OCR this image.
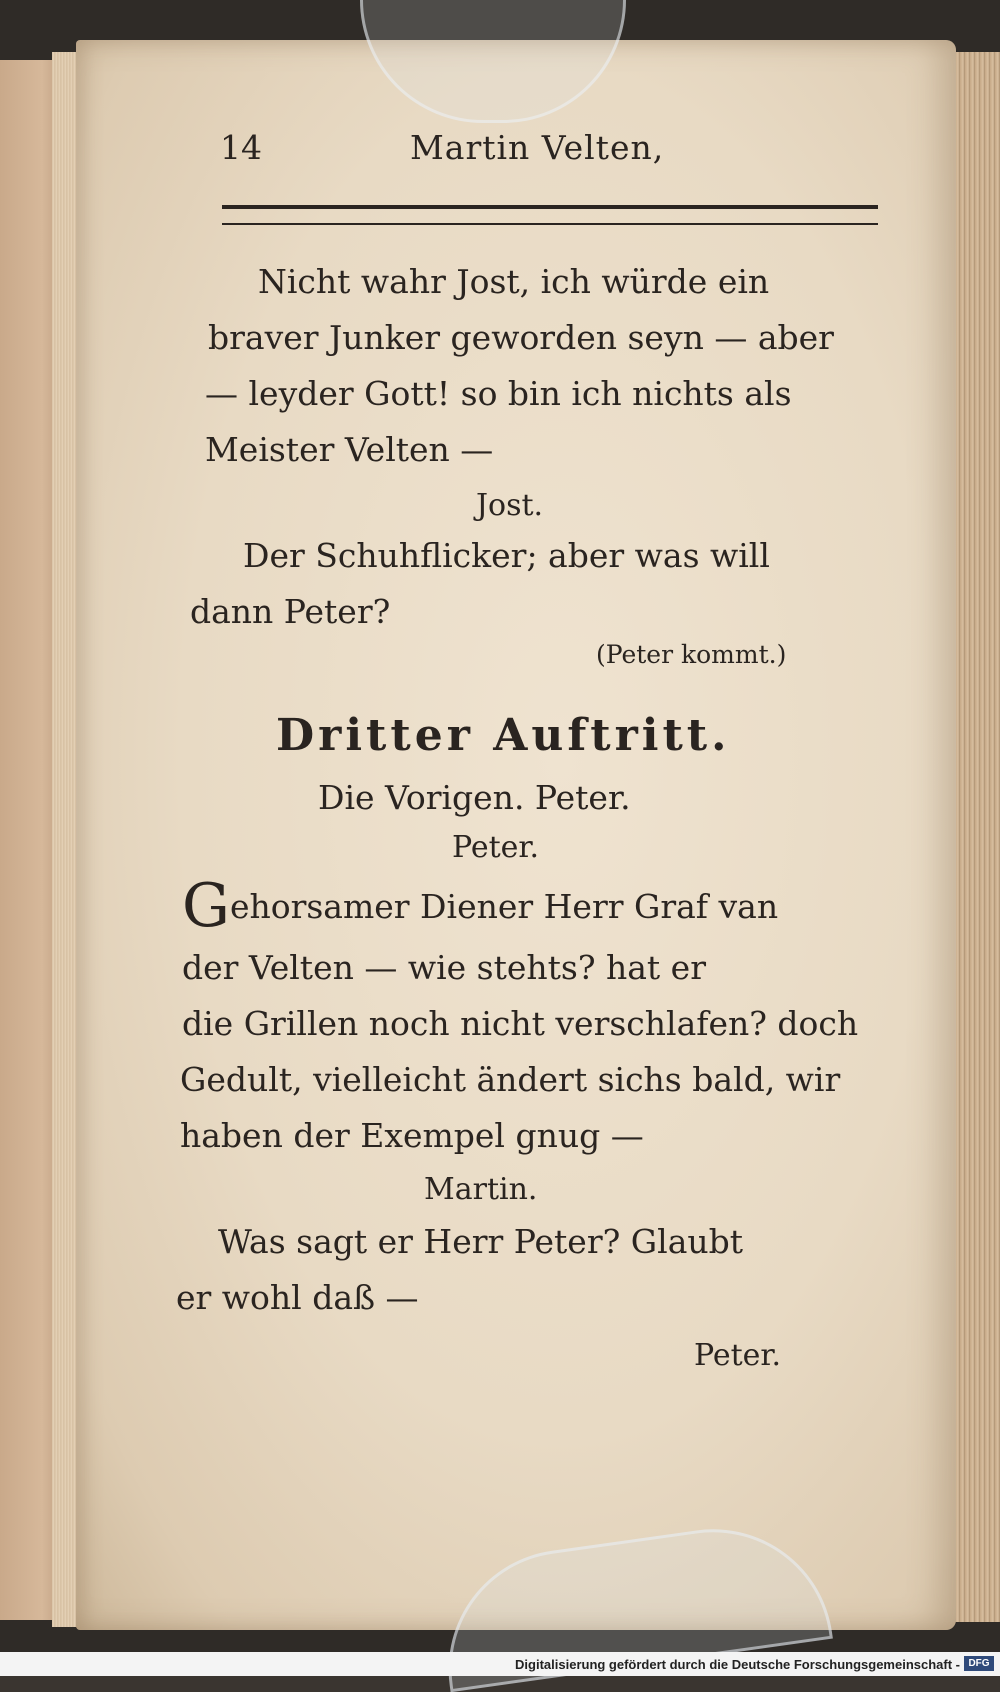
14	Martin Velten,
Nicht wahr Jost, ich würde ein
braver Junker geworden seyn — aber
— leyder Gott! so bin ich nichts als
Meister Velten —
Jost.
Der Schuhflicker; aber was will
dann Peter?
(Peter kommt.)
Dritter Auftritt.
Die Vorigen. Peter.
Peter.
Gehorsamer Diener Herr Graf van
der Velten — wie stehts? hat er
die Grillen noch nicht verschlafen? doch
Gedult, vielleicht ändert sichs bald, wir
haben der Exempel gnug —
Martin.
Was sagt er Herr Peter? Glaubt
er wohl daß —
Peter.
Digitalisierung gefördert durch die Deutsche Forschungsgemeinschaft - DFG
